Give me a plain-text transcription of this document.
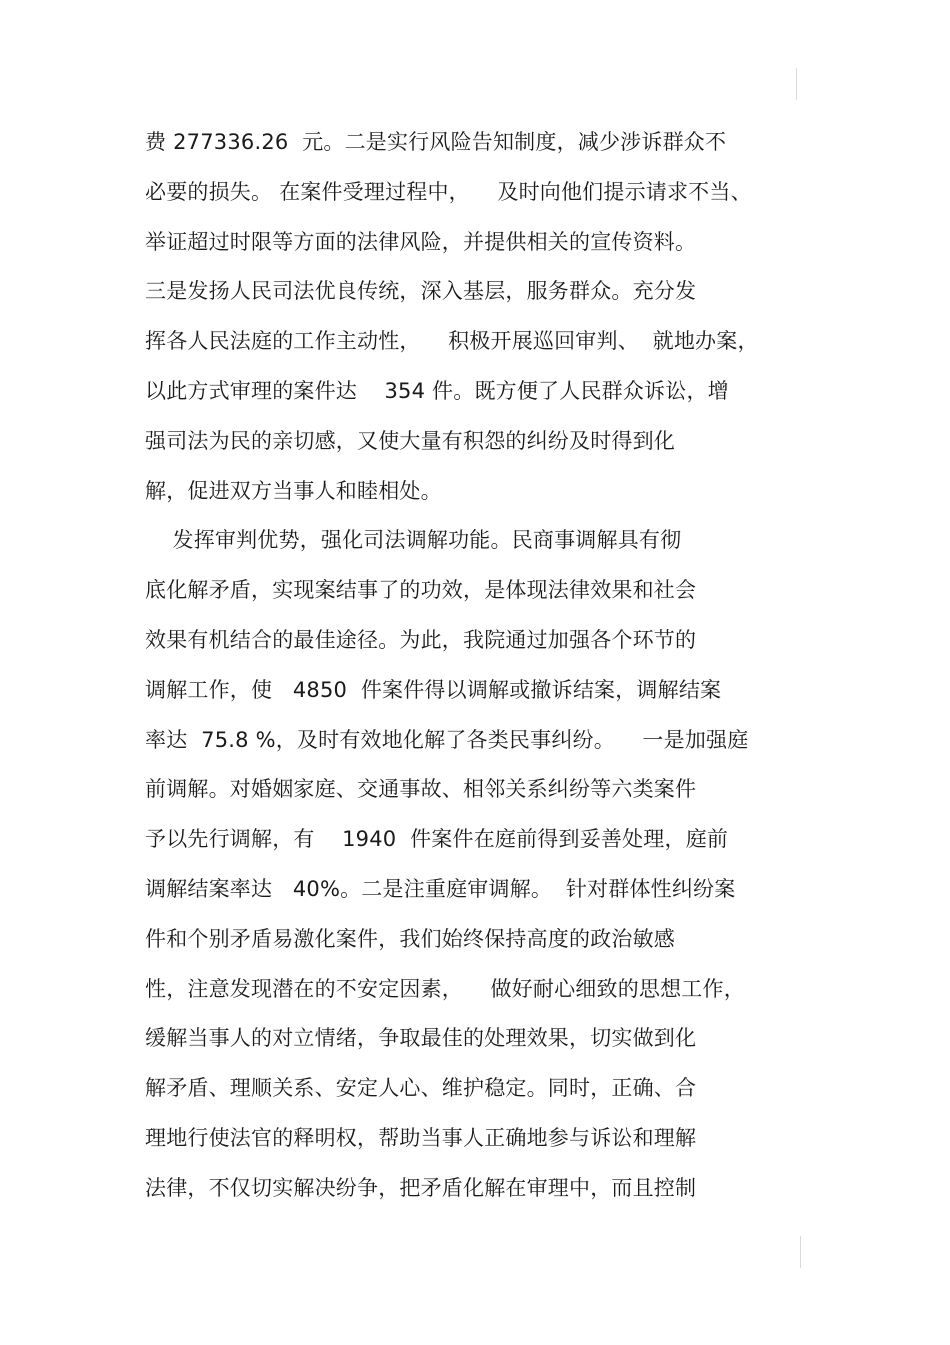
费 277336.26  元。二是实行风险告知制度，减少涉诉群众不
必要的损失。 在案件受理过程中，    及时向他们提示请求不当、
举证超过时限等方面的法律风险，并提供相关的宣传资料。
三是发扬人民司法优良传统，深入基层，服务群众。充分发
挥各人民法庭的工作主动性，    积极开展巡回审判、  就地办案，
以此方式审理的案件达    354 件。既方便了人民群众诉讼，增
强司法为民的亲切感，又使大量有积怨的纠纷及时得到化
解，促进双方当事人和睦相处。
发挥审判优势，强化司法调解功能。民商事调解具有彻
底化解矛盾，实现案结事了的功效，是体现法律效果和社会
效果有机结合的最佳途径。为此，我院通过加强各个环节的
调解工作，使   4850  件案件得以调解或撤诉结案，调解结案
率达  75.8 %，及时有效地化解了各类民事纠纷。    一是加强庭
前调解。对婚姻家庭、交通事故、相邻关系纠纷等六类案件
予以先行调解，有    1940  件案件在庭前得到妥善处理，庭前
调解结案率达   40%。二是注重庭审调解。  针对群体性纠纷案
件和个别矛盾易激化案件，我们始终保持高度的政治敏感
性，注意发现潜在的不安定因素，    做好耐心细致的思想工作，
缓解当事人的对立情绪，争取最佳的处理效果，切实做到化
解矛盾、理顺关系、安定人心、维护稳定。同时，正确、合
理地行使法官的释明权，帮助当事人正确地参与诉讼和理解
法律，不仅切实解决纷争，把矛盾化解在审理中，而且控制
